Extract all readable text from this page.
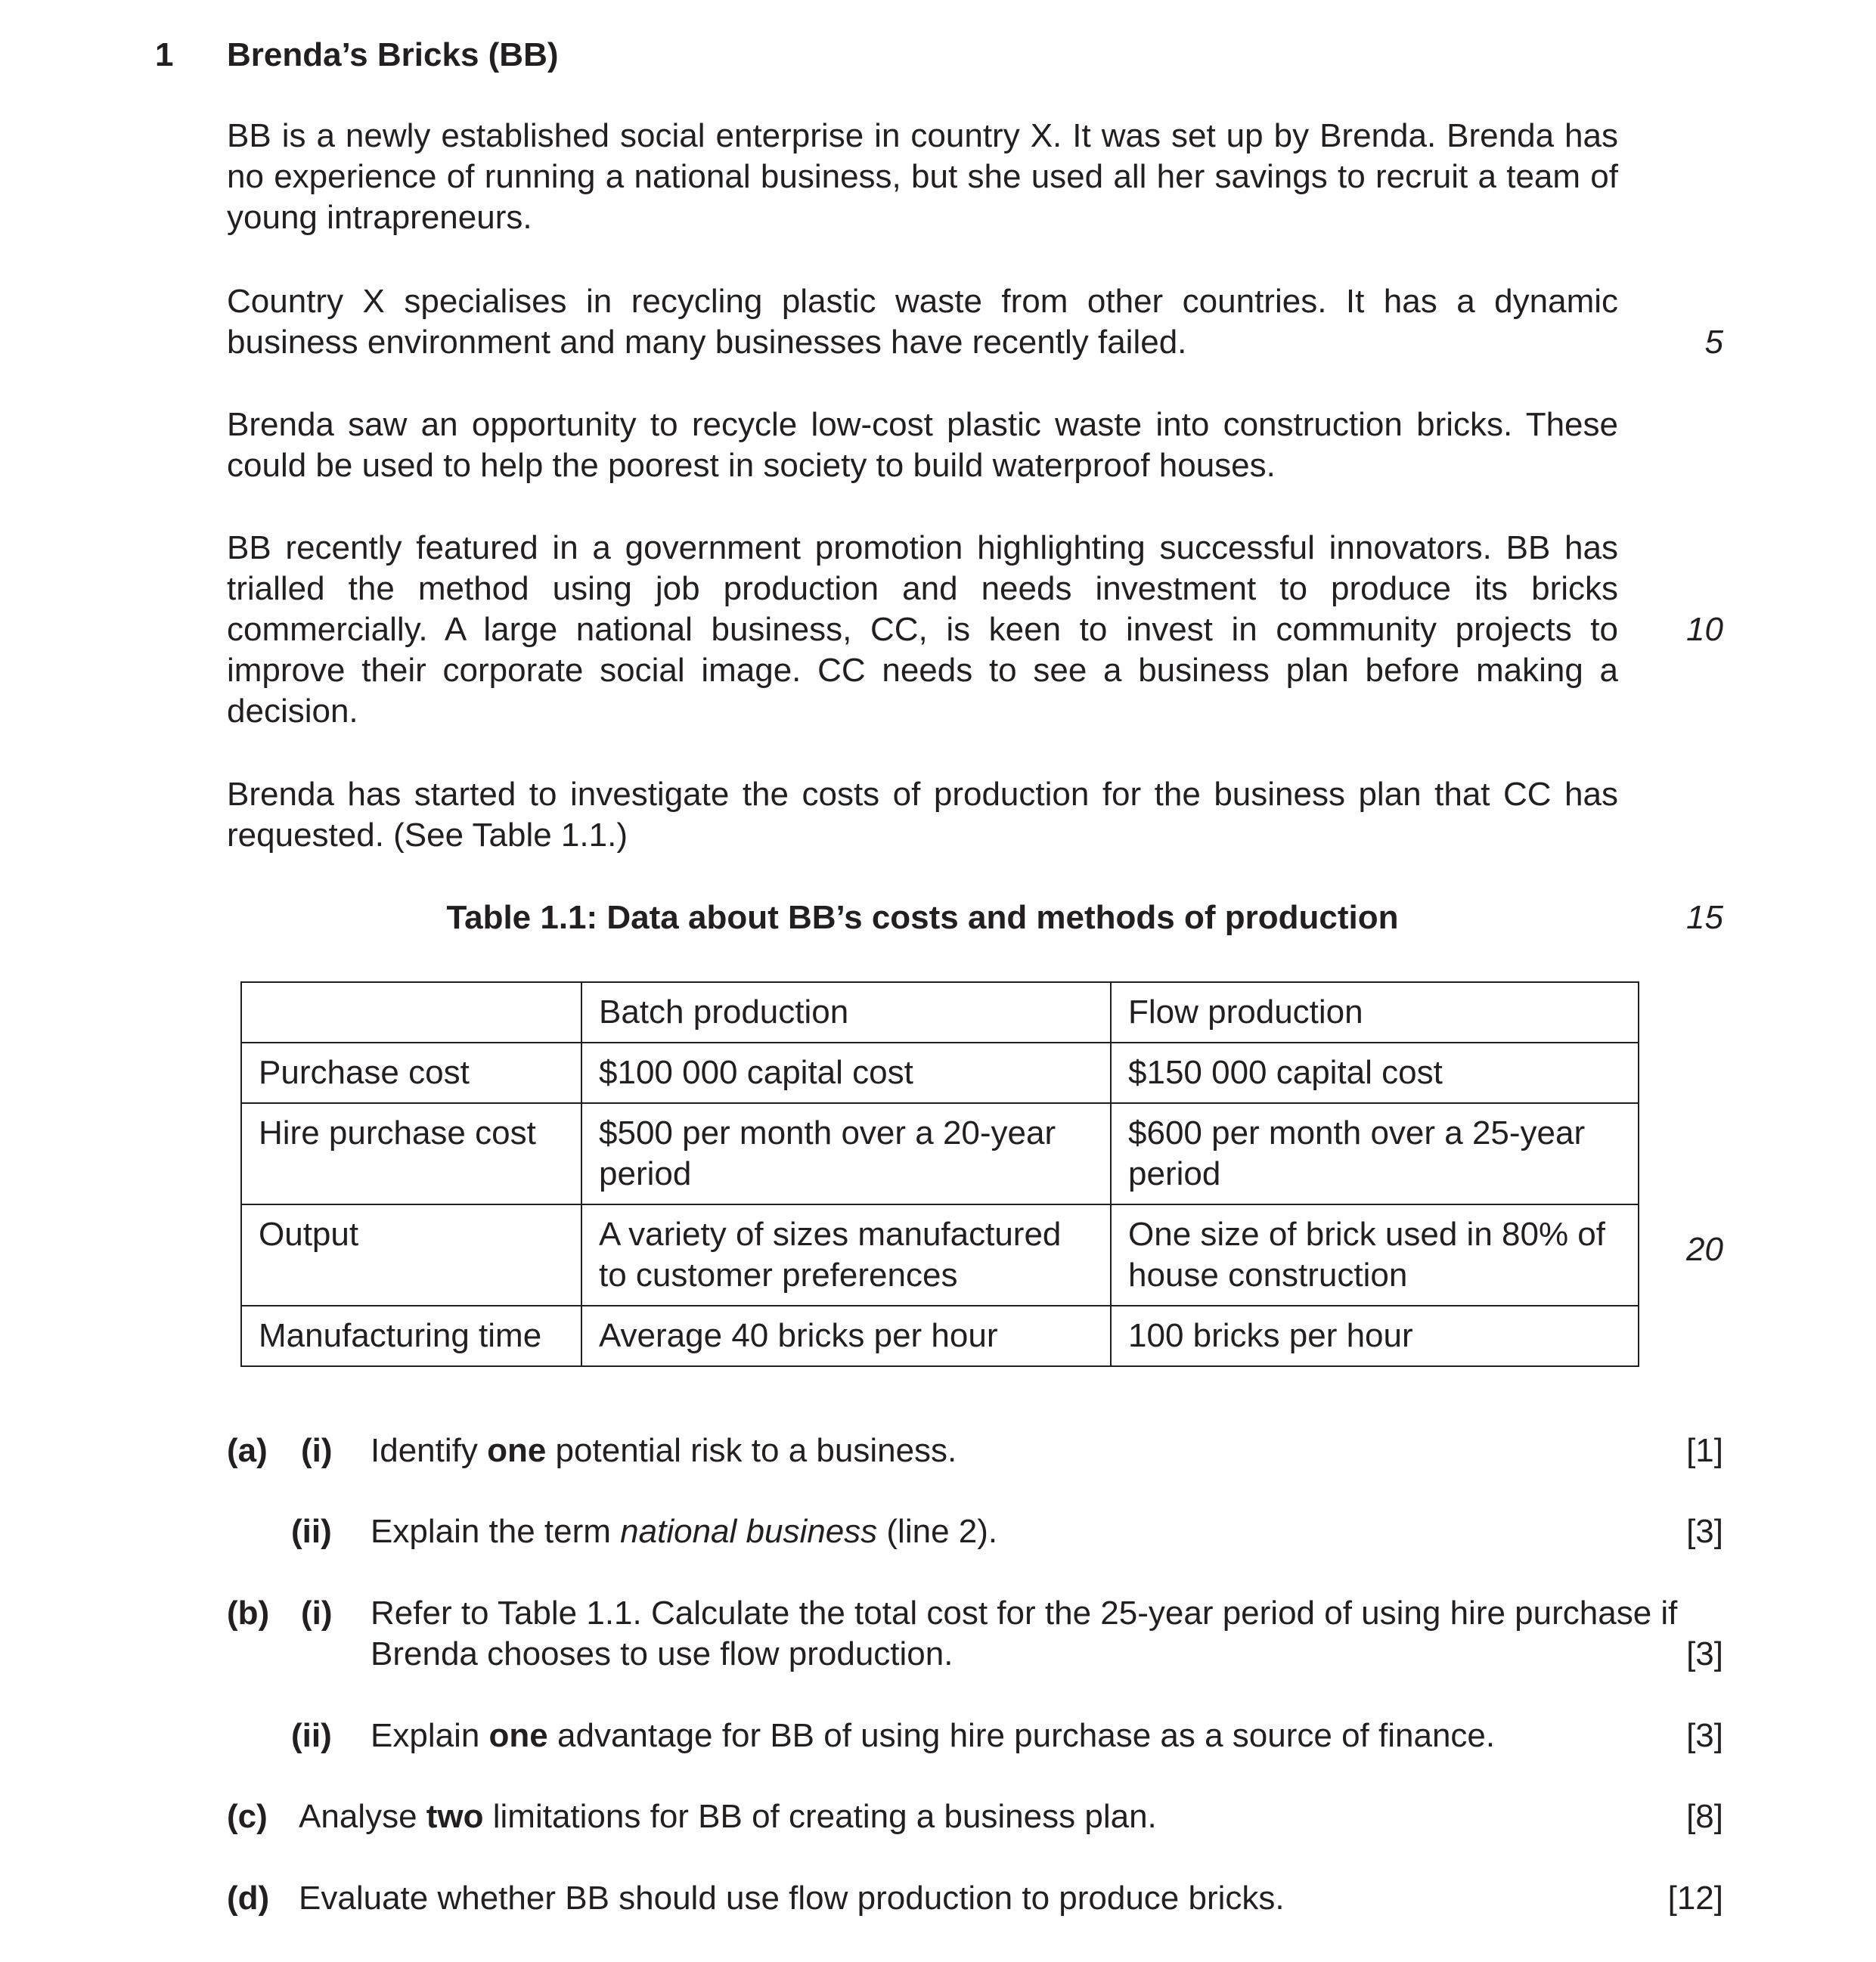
1 Brenda’s Bricks (BB)

BB is a newly established social enterprise in country X. It was set up by Brenda. Brenda has no experience of running a national business, but she used all her savings to recruit a team of young intrapreneurs.

Country X specialises in recycling plastic waste from other countries. It has a dynamic business environment and many businesses have recently failed.

Brenda saw an opportunity to recycle low-cost plastic waste into construction bricks. These could be used to help the poorest in society to build waterproof houses.

BB recently featured in a government promotion highlighting successful innovators. BB has trialled the method using job production and needs investment to produce its bricks commercially. A large national business, CC, is keen to invest in community projects to improve their corporate social image. CC needs to see a business plan before making a decision.

Brenda has started to investigate the costs of production for the business plan that CC has requested. (See Table 1.1.)

5
10
15
20
Table 1.1: Data about BB’s costs and methods of production
	Batch production	Flow production
Purchase cost	$100 000 capital cost	$150 000 capital cost
Hire purchase cost	$500 per month over a 20-year period	$600 per month over a 25-year period
Output	A variety of sizes manufactured to customer preferences	One size of brick used in 80% of house construction
Manufacturing time	Average 40 bricks per hour	100 bricks per hour
(a) (i) Identify one potential risk to a business.	[1]
(ii) Explain the term national business (line 2).	[3]
(b) (i) Refer to Table 1.1. Calculate the total cost for the 25-year period of using hire purchase if
Brenda chooses to use flow production.	[3]
(ii) Explain one advantage for BB of using hire purchase as a source of finance.	[3]
(c) Analyse two limitations for BB of creating a business plan.	[8]
(d) Evaluate whether BB should use flow production to produce bricks.	[12]
